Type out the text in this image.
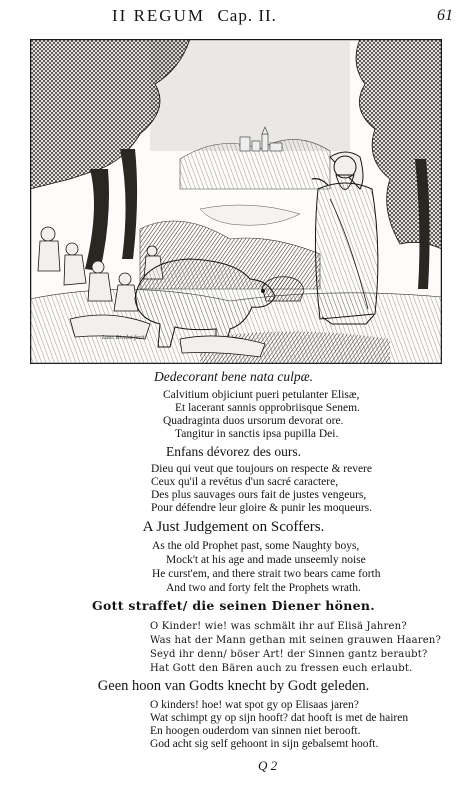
II REGUM Cap. II.	61
Lam. Bivelot fecit
Dedecorant bene nata culpæ.
Calvitium objiciunt pueri petulanter Elisæ,
Et lacerant sannis opprobriisque Senem.
Quadraginta duos ursorum devorat ore.
Tangitur in sanctis ipsa pupilla Dei.
Enfans dévorez des ours.
Dieu qui veut que toujours on respecte & revere
Ceux qu'il a revétus d'un sacré caractere,
Des plus sauvages ours fait de justes vengeurs,
Pour défendre leur gloire & punir les moqueurs.
A Just Judgement on Scoffers.
As the old Prophet past, some Naughty boys,
Mock't at his age and made unseemly noise
He curst'em, and there strait two bears came forth
And two and forty felt the Prophets wrath.
Gott straffet/ die seinen Diener hönen.
O Kinder! wie! was schmält ihr auf Elisä Jahren?
Was hat der Mann gethan mit seinen grauwen Haaren?
Seyd ihr denn/ böser Art! der Sinnen gantz beraubt?
Hat Gott den Bären auch zu fressen euch erlaubt.
Geen hoon van Godts knecht by Godt geleden.
O kinders! hoe! wat spot gy op Elisaas jaren?
Wat schimpt gy op sijn hooft? dat hooft is met de hairen
En hoogen ouderdom van sinnen niet berooft.
God acht sig self gehoont in sijn gebalsemt hooft.
Q 2
